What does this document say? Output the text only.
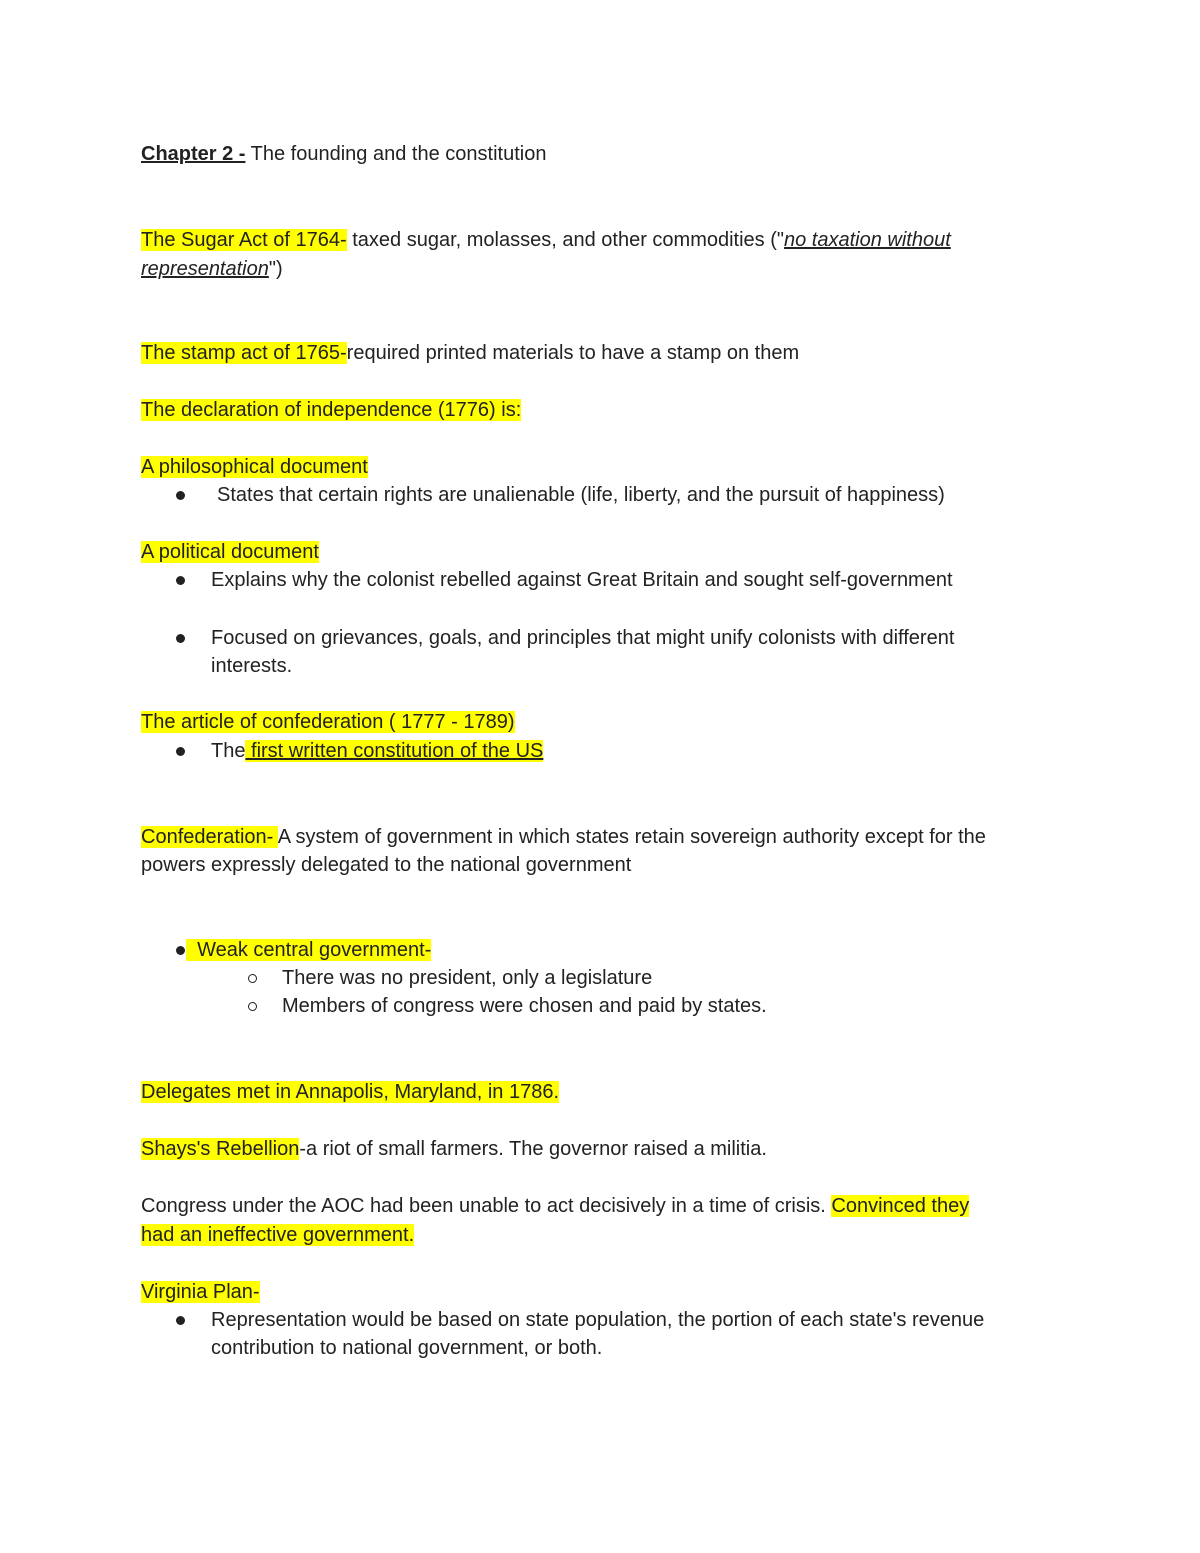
Chapter 2 - The founding and the constitution
The Sugar Act of 1764- taxed sugar, molasses, and other commodities ("no taxation without
representation")
The stamp act of 1765-required printed materials to have a stamp on them
The declaration of independence (1776) is:
A philosophical document
States that certain rights are unalienable (life, liberty, and the pursuit of happiness)
A political document
Explains why the colonist rebelled against Great Britain and sought self-government
Focused on grievances, goals, and principles that might unify colonists with different
interests.
The article of confederation ( 1777 - 1789)
The first written constitution of the US
Confederation- A system of government in which states retain sovereign authority except for the
powers expressly delegated to the national government
Weak central government-
There was no president, only a legislature
Members of congress were chosen and paid by states.
Delegates met in Annapolis, Maryland, in 1786.
Shays's Rebellion-a riot of small farmers. The governor raised a militia.
Congress under the AOC had been unable to act decisively in a time of crisis. Convinced they
had an ineffective government.
Virginia Plan-
Representation would be based on state population, the portion of each state's revenue
contribution to national government, or both.
